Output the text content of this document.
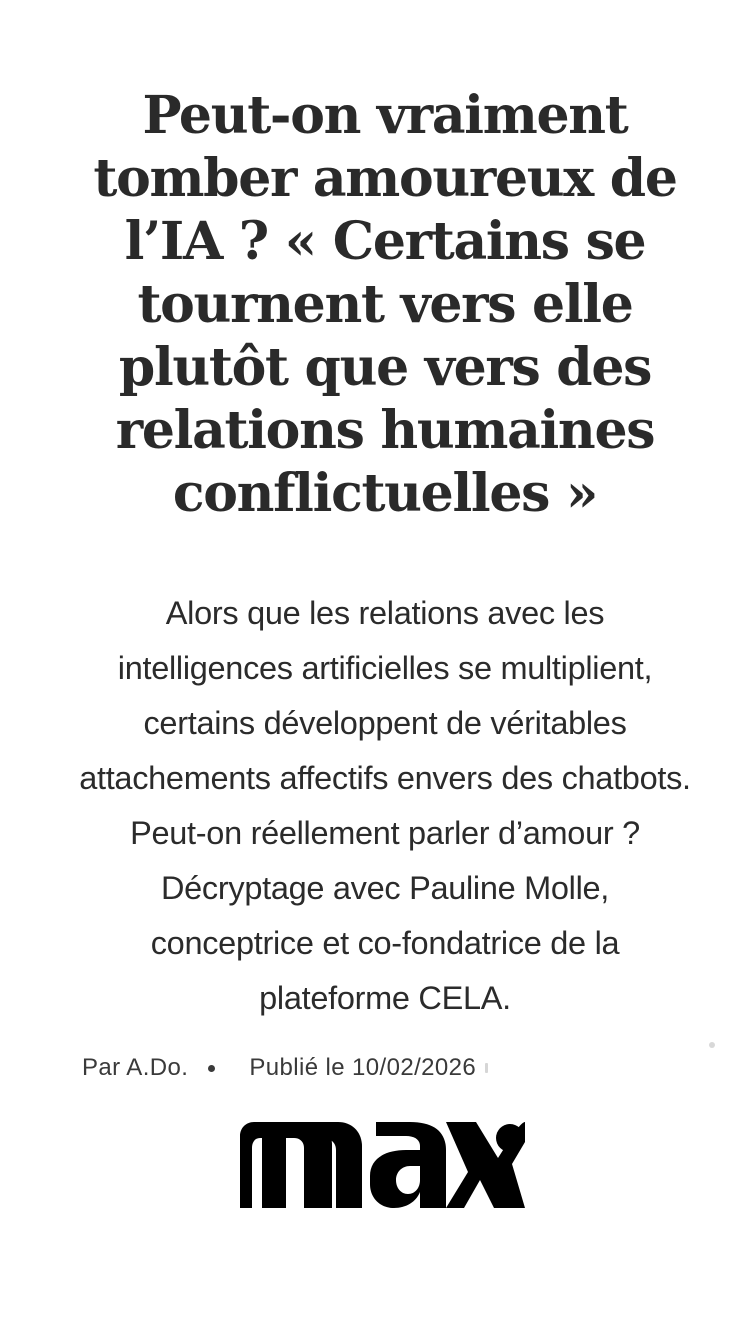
Peut-on vraiment tomber amoureux de l’IA ? « Certains se tournent vers elle plutôt que vers des relations humaines conflictuelles »

Alors que les relations avec les intelligences artificielles se multiplient, certains développent de véritables attachements affectifs envers des chatbots. Peut-on réellement parler d’amour ? Décryptage avec Pauline Molle, conceptrice et co-fondatrice de la plateforme CELA.

Par A.Do.	Publié le 10/02/2026
